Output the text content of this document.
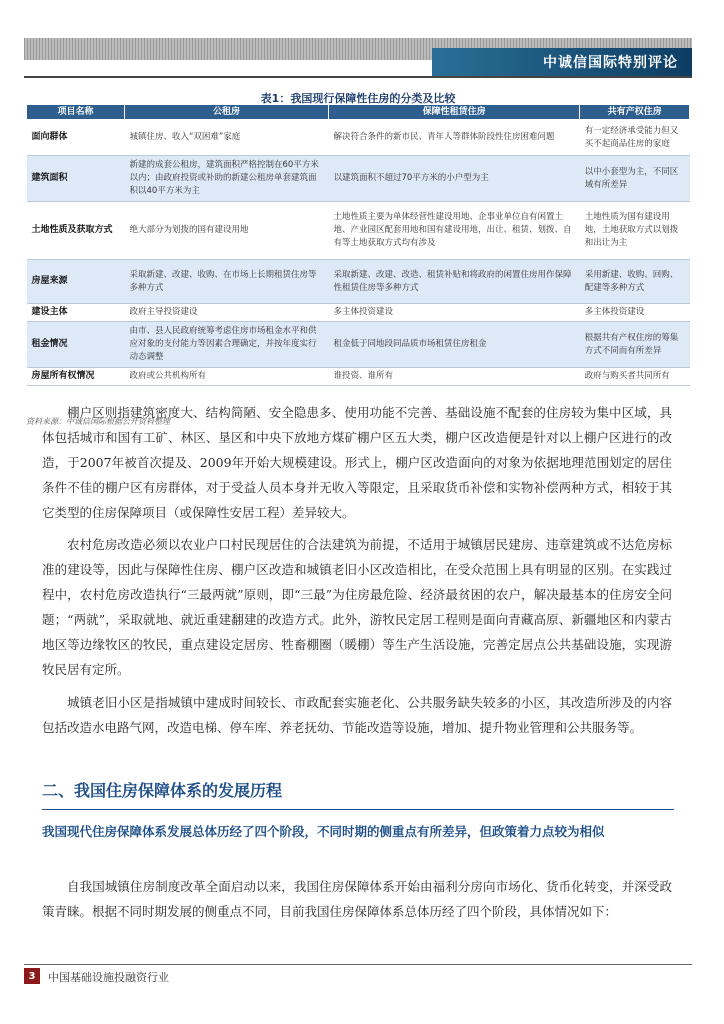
中诚信国际特别评论
表1：我国现行保障性住房的分类及比较
项目名称	公租房	保障性租赁住房	共有产权住房
面向群体	城镇住房、收入“双困难”家庭	解决符合条件的新市民、青年人等群体阶段性住房困难问题	有一定经济承受能力但又买不起商品住房的家庭
建筑面积	新建的成套公租房，建筑面积严格控制在60平方米以内；由政府投资或补助的新建公租房单套建筑面积以40平方米为主	以建筑面积不超过70平方米的小户型为主	以中小套型为主，不同区域有所差异
土地性质及获取方式	绝大部分为划拨的国有建设用地	土地性质主要为单体经营性建设用地、企事业单位自有闲置土地、产业园区配套用地和国有建设用地，出让、租赁、划拨、自有等土地获取方式均有涉及	土地性质为国有建设用地，土地获取方式以划拨和出让为主
房屋来源	采取新建、改建、收购、在市场上长期租赁住房等多种方式	采取新建、改建、改造、租赁补贴和将政府的闲置住房用作保障性租赁住房等多种方式	采用新建、收购、回购、配建等多种方式
建设主体	政府主导投资建设	多主体投资建设	多主体投资建设
租金情况	由市、县人民政府统筹考虑住房市场租金水平和供应对象的支付能力等因素合理确定，并按年度实行动态调整	租金低于同地段同品质市场租赁住房租金	根据共有产权住房的筹集方式不同而有所差异
房屋所有权情况	政府或公共机构所有	谁投资、谁所有	政府与购买者共同所有
资料来源：中诚信国际根据公开资料整理

棚户区则指建筑密度大、结构简陋、安全隐患多、使用功能不完善、基础设施不配套的住房较为集中区域，具体包括城市和国有工矿、林区、垦区和中央下放地方煤矿棚户区五大类，棚户区改造便是针对以上棚户区进行的改造，于2007年被首次提及、2009年开始大规模建设。形式上，棚户区改造面向的对象为依据地理范围划定的居住条件不佳的棚户区有房群体，对于受益人员本身并无收入等限定，且采取货币补偿和实物补偿两种方式，相较于其它类型的住房保障项目（或保障性安居工程）差异较大。

农村危房改造必须以农业户口村民现居住的合法建筑为前提，不适用于城镇居民建房、违章建筑或不达危房标准的建设等，因此与保障性住房、棚户区改造和城镇老旧小区改造相比，在受众范围上具有明显的区别。在实践过程中，农村危房改造执行“三最两就”原则，即“三最”为住房最危险、经济最贫困的农户，解决最基本的住房安全问题；“两就”，采取就地、就近重建翻建的改造方式。此外，游牧民定居工程则是面向青藏高原、新疆地区和内蒙古地区等边缘牧区的牧民，重点建设定居房、牲畜棚圈（暖棚）等生产生活设施，完善定居点公共基础设施，实现游牧民居有定所。

城镇老旧小区是指城镇中建成时间较长、市政配套实施老化、公共服务缺失较多的小区，其改造所涉及的内容包括改造水电路气网，改造电梯、停车库、养老抚幼、节能改造等设施，增加、提升物业管理和公共服务等。

二、我国住房保障体系的发展历程
我国现代住房保障体系发展总体历经了四个阶段，不同时期的侧重点有所差异，但政策着力点较为相似

自我国城镇住房制度改革全面启动以来，我国住房保障体系开始由福利分房向市场化、货币化转变，并深受政策青睐。根据不同时期发展的侧重点不同，目前我国住房保障体系总体历经了四个阶段，具体情况如下：

3	中国基础设施投融资行业
